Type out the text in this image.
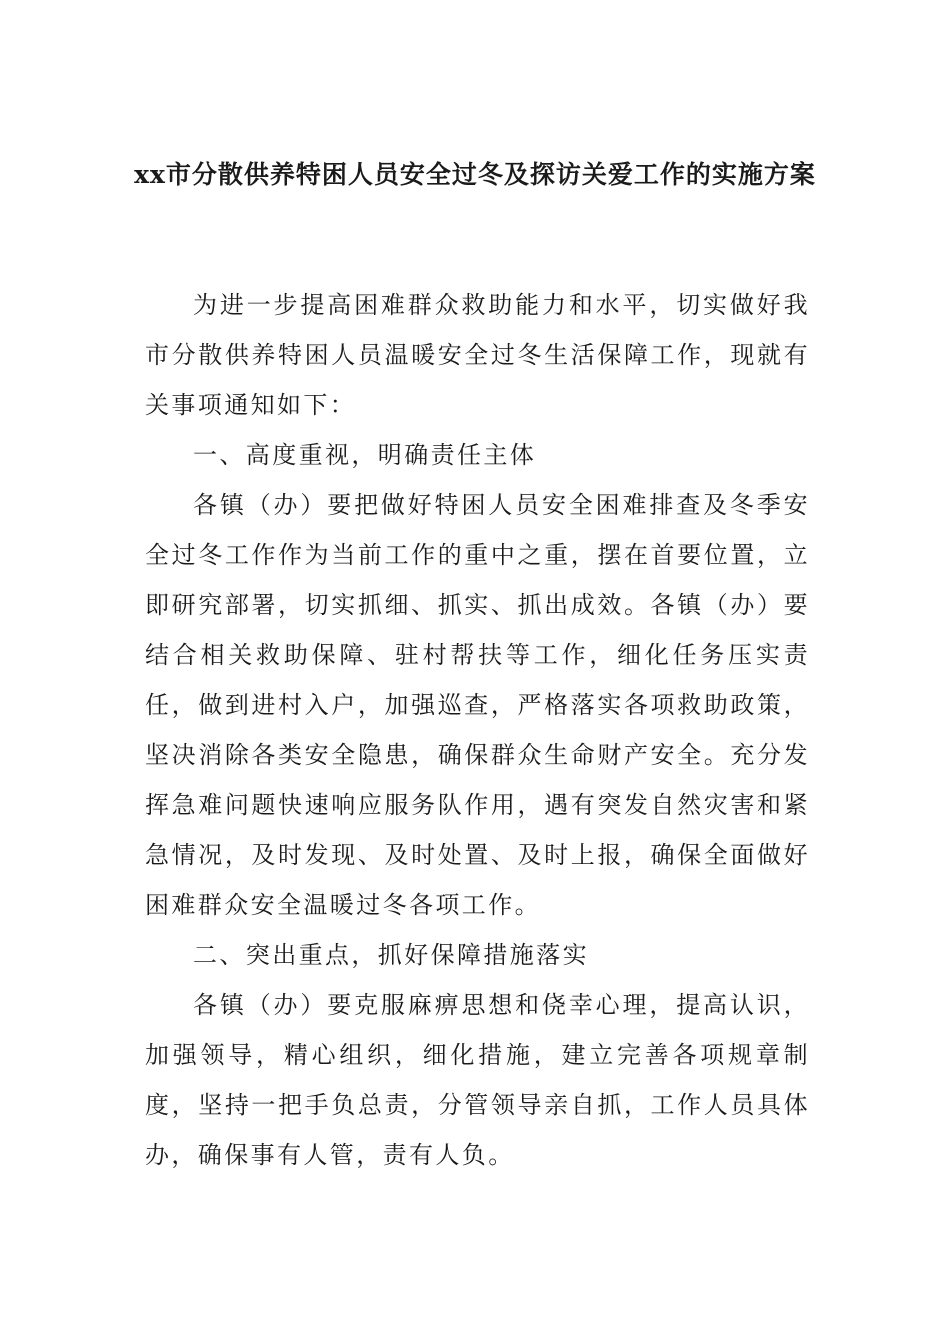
xx市分散供养特困人员安全过冬及探访关爱工作的实施方案

为进一步提高困难群众救助能力和水平，切实做好我市分散供养特困人员温暖安全过冬生活保障工作，现就有关事项通知如下：

一、高度重视，明确责任主体

各镇（办）要把做好特困人员安全困难排查及冬季安全过冬工作作为当前工作的重中之重，摆在首要位置，立即研究部署，切实抓细、抓实、抓出成效。各镇（办）要结合相关救助保障、驻村帮扶等工作，细化任务压实责任，做到进村入户，加强巡查，严格落实各项救助政策，坚决消除各类安全隐患，确保群众生命财产安全。充分发挥急难问题快速响应服务队作用，遇有突发自然灾害和紧急情况，及时发现、及时处置、及时上报，确保全面做好困难群众安全温暖过冬各项工作。

二、突出重点，抓好保障措施落实

各镇（办）要克服麻痹思想和侥幸心理，提高认识，加强领导，精心组织，细化措施，建立完善各项规章制度，坚持一把手负总责，分管领导亲自抓，工作人员具体办，确保事有人管，责有人负。
